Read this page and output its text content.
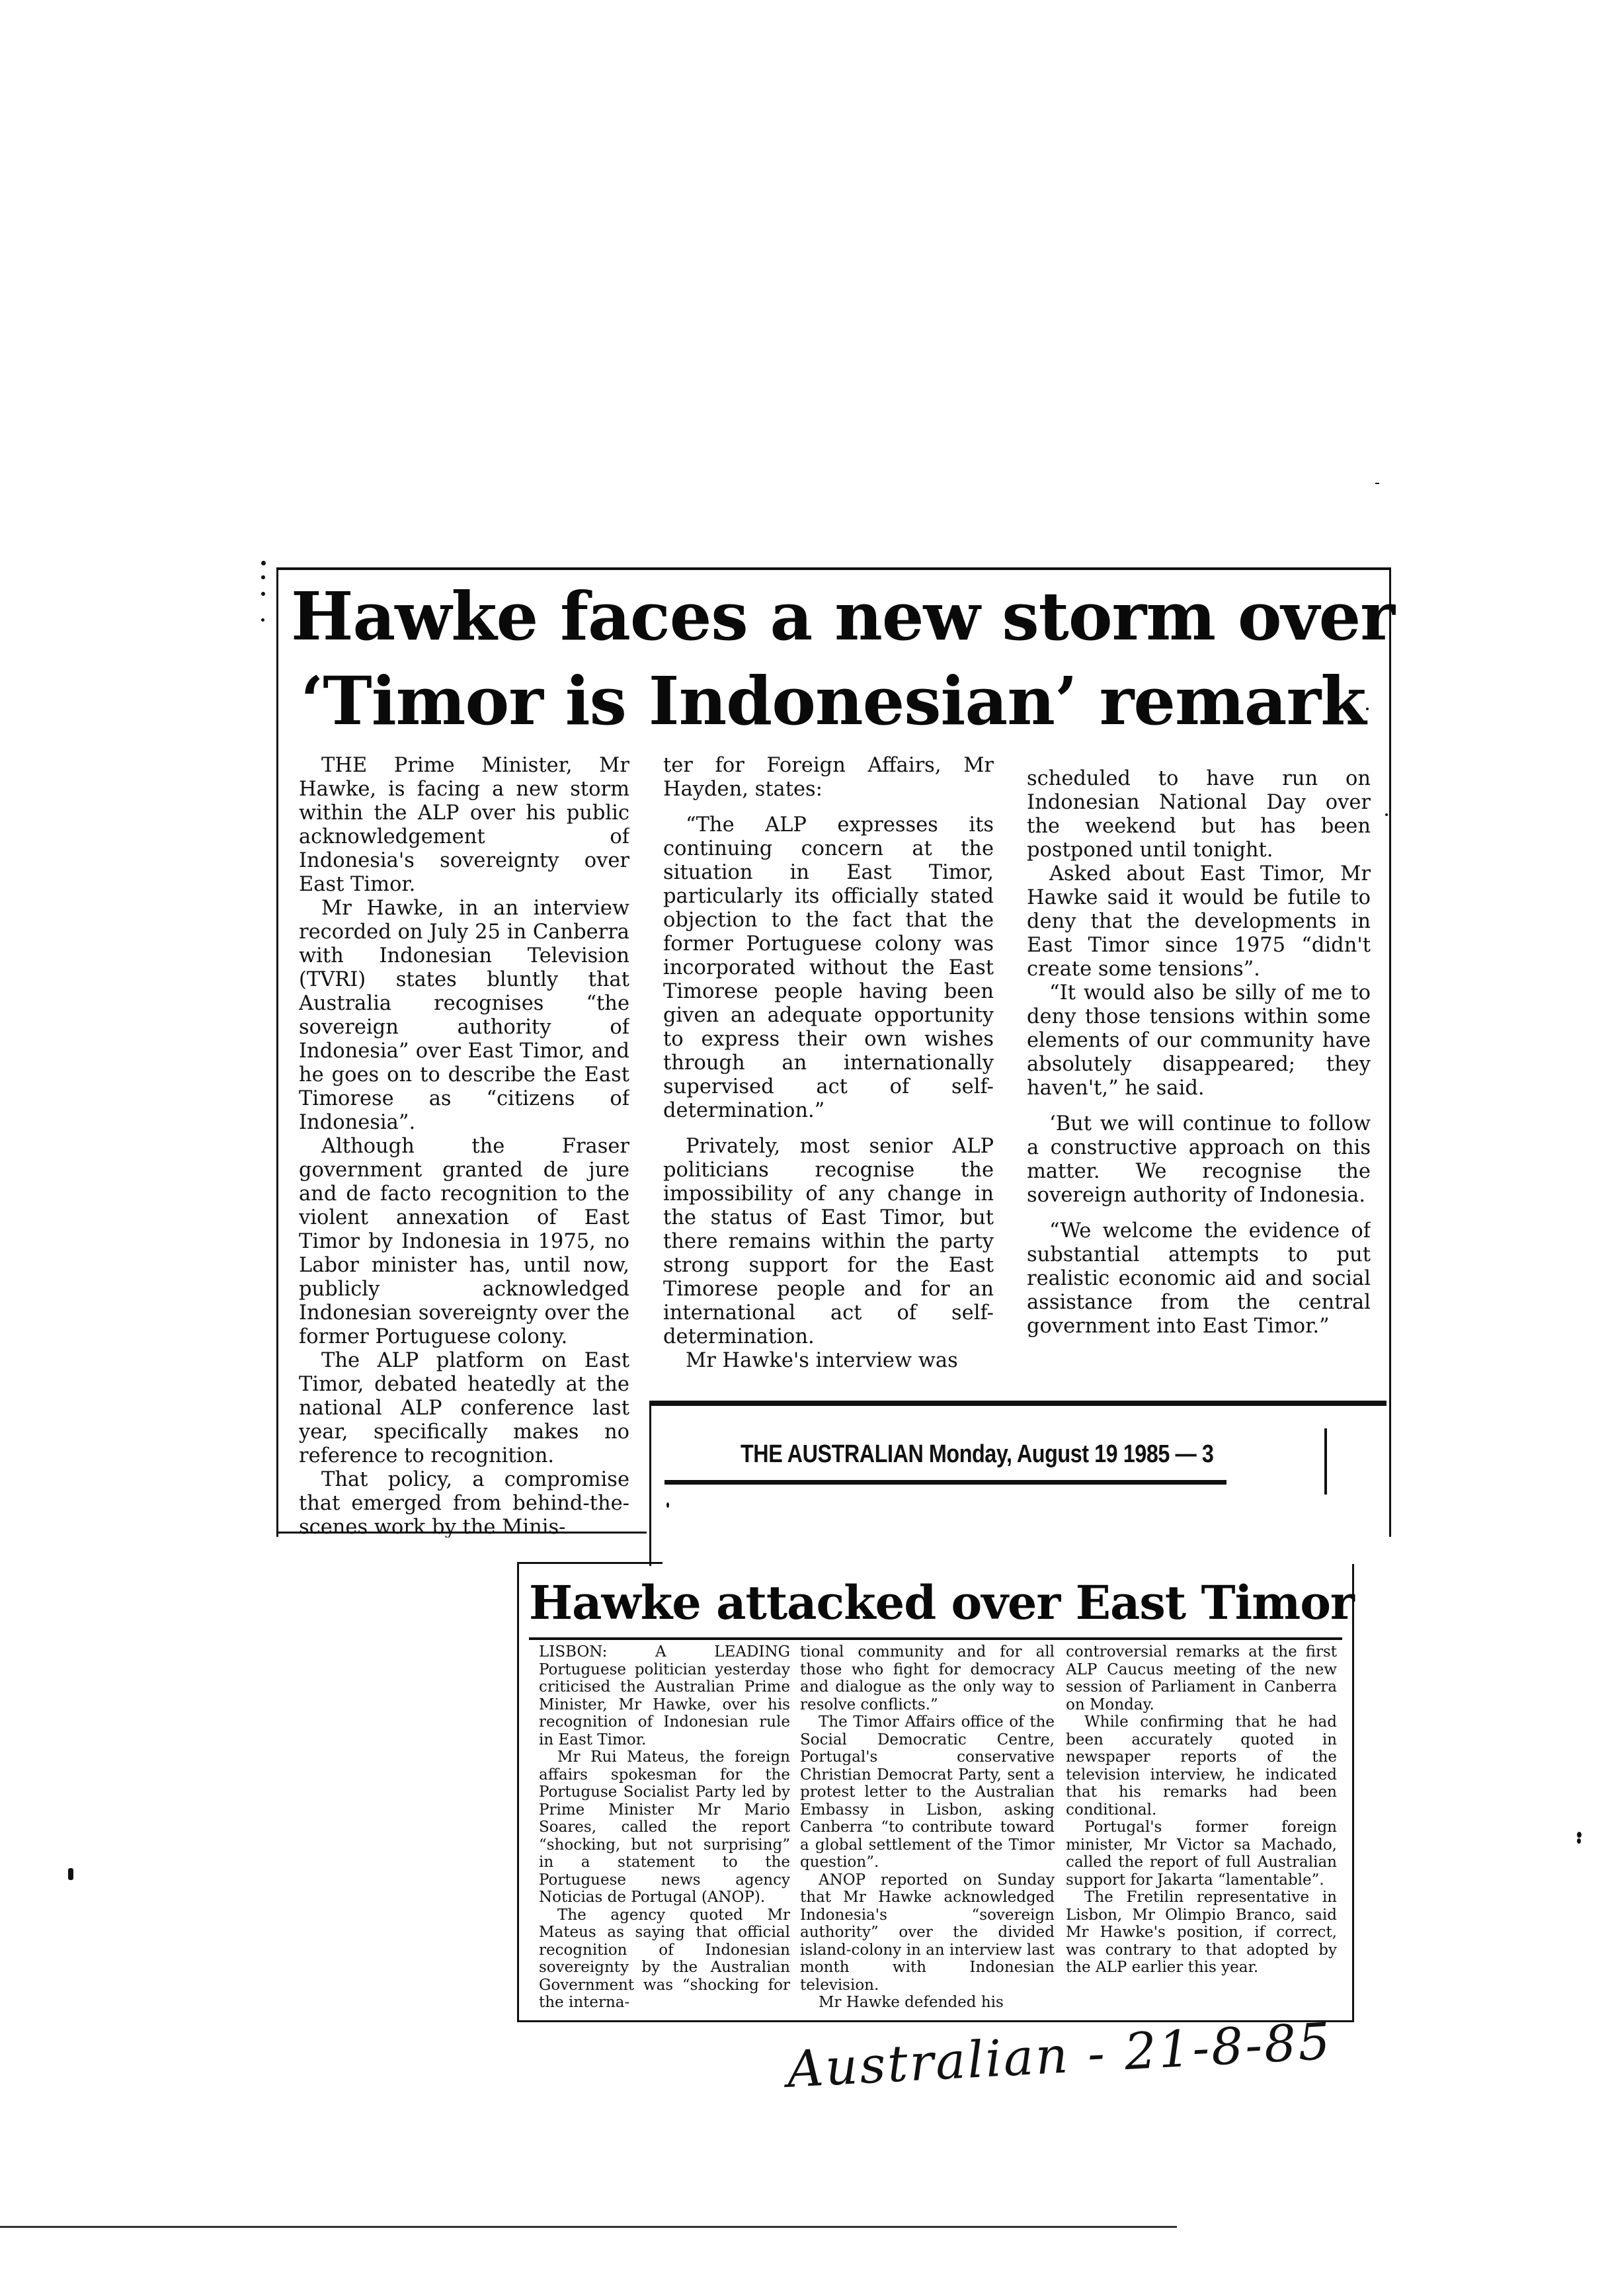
Hawke faces a new storm over
‘Timor is Indonesian’ remark

THE Prime Minister, Mr Hawke, is facing a new storm within the ALP over his public acknowledgement of Indonesia's sovereignty over East Timor.

Mr Hawke, in an interview recorded on July 25 in Canberra with Indonesian Television (TVRI) states bluntly that Australia recognises “the sovereign authority of Indonesia” over East Timor, and he goes on to describe the East Timorese as “citizens of Indonesia”.

Although the Fraser government granted de jure and de facto recognition to the violent annexation of East Timor by Indonesia in 1975, no Labor minister has, until now, publicly acknowledged Indonesian sovereignty over the former Portuguese colony.

The ALP platform on East Timor, debated heatedly at the national ALP conference last year, specifically makes no reference to recognition.

That policy, a compromise that emerged from behind-the-scenes work by the Minis-

ter for Foreign Affairs, Mr Hayden, states:

“The ALP expresses its continuing concern at the situation in East Timor, particularly its officially stated objection to the fact that the former Portuguese colony was incorporated without the East Timorese people having been given an adequate opportunity to express their own wishes through an internationally supervised act of self-determination.”

Privately, most senior ALP politicians recognise the impossibility of any change in the status of East Timor, but there remains within the party strong support for the East Timorese people and for an international act of self-determination.

Mr Hawke's interview was

scheduled to have run on Indonesian National Day over the weekend but has been postponed until tonight.

Asked about East Timor, Mr Hawke said it would be futile to deny that the developments in East Timor since 1975 “didn't create some tensions”.

“It would also be silly of me to deny those tensions within some elements of our community have absolutely disappeared; they haven't,” he said.

‘But we will continue to follow a constructive approach on this matter. We recognise the sovereign authority of Indonesia.

“We welcome the evidence of substantial attempts to put realistic economic aid and social assistance from the central government into East Timor.”

THE AUSTRALIAN Monday, August 19 1985 — 3
Hawke attacked over East Timor

LISBON: A LEADING Portuguese politician yesterday criticised the Australian Prime Minister, Mr Hawke, over his recognition of Indonesian rule in East Timor.

Mr Rui Mateus, the foreign affairs spokesman for the Portuguse Socialist Party led by Prime Minister Mr Mario Soares, called the report “shocking, but not surprising” in a statement to the Portuguese news agency Noticias de Portugal (ANOP).

The agency quoted Mr Mateus as saying that official recognition of Indonesian sovereignty by the Australian Government was “shocking for the interna-

tional community and for all those who fight for democracy and dialogue as the only way to resolve conflicts.”

The Timor Affairs office of the Social Democratic Centre, Portugal's conservative Christian Democrat Party, sent a protest letter to the Australian Embassy in Lisbon, asking Canberra “to contribute toward a global settlement of the Timor question”.

ANOP reported on Sunday that Mr Hawke acknowledged Indonesia's “sovereign authority” over the divided island-colony in an interview last month with Indonesian television.

Mr Hawke defended his

controversial remarks at the first ALP Caucus meeting of the new session of Parliament in Canberra on Monday.

While confirming that he had been accurately quoted in newspaper reports of the television interview, he indicated that his remarks had been conditional.

Portugal's former foreign minister, Mr Victor sa Machado, called the report of full Australian support for Jakarta “lamentable”.

The Fretilin representative in Lisbon, Mr Olimpio Branco, said Mr Hawke's position, if correct, was contrary to that adopted by the ALP earlier this year.

Australian - 21-8-85
